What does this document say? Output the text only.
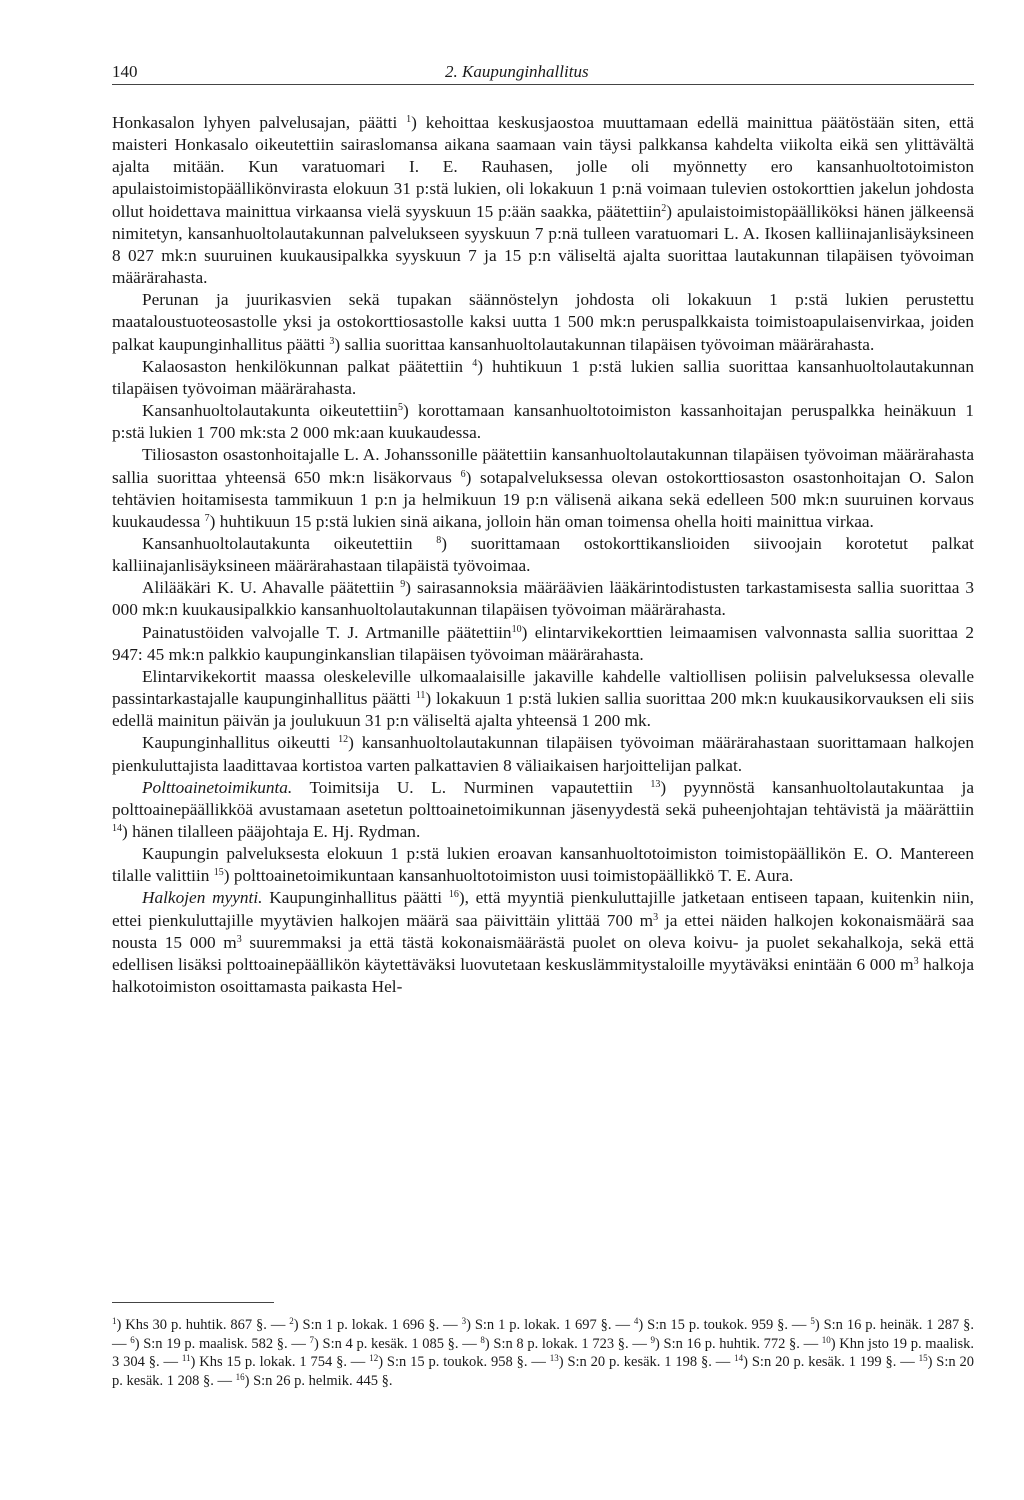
140	2. Kaupunginhallitus

Honkasalon lyhyen palvelusajan, päätti $^1$) kehoittaa keskusjaostoa muuttamaan edellä mainittua päätöstään siten, että maisteri Honkasalo oikeutettiin sairaslomansa aikana saamaan vain täysi palkkansa kahdelta viikolta eikä sen ylittävältä ajalta mitään. Kun varatuomari I. E. Rauhasen, jolle oli myönnetty ero kansanhuoltotoimiston apulaistoimistopäällikönvirasta elokuun 31 p:stä lukien, oli lokakuun 1 p:nä voimaan tulevien ostokorttien jakelun johdosta ollut hoidettava mainittua virkaansa vielä syyskuun 15 p:ään saakka, päätettiin$^2$) apulaistoimistopäälliköksi hänen jälkeensä nimitetyn, kansanhuoltolautakunnan palvelukseen syyskuun 7 p:nä tulleen varatuomari L. A. Ikosen kalliinajanlisäyksineen 8 027 mk:n suuruinen kuukausipalkka syyskuun 7 ja 15 p:n väliseltä ajalta suorittaa lautakunnan tilapäisen työvoiman määrärahasta.

Perunan ja juurikasvien sekä tupakan säännöstelyn johdosta oli lokakuun 1 p:stä lukien perustettu maataloustuoteosastolle yksi ja ostokorttiosastolle kaksi uutta 1 500 mk:n peruspalkkaista toimistoapulaisenvirkaa, joiden palkat kaupunginhallitus päätti $^3$) sallia suorittaa kansanhuoltolautakunnan tilapäisen työvoiman määrärahasta.

Kalaosaston henkilökunnan palkat päätettiin $^4$) huhtikuun 1 p:stä lukien sallia suorittaa kansanhuoltolautakunnan tilapäisen työvoiman määrärahasta.

Kansanhuoltolautakunta oikeutettiin$^5$) korottamaan kansanhuoltotoimiston kassanhoitajan peruspalkka heinäkuun 1 p:stä lukien 1 700 mk:sta 2 000 mk:aan kuukaudessa.

Tiliosaston osastonhoitajalle L. A. Johanssonille päätettiin kansanhuoltolautakunnan tilapäisen työvoiman määrärahasta sallia suorittaa yhteensä 650 mk:n lisäkorvaus $^6$) sotapalveluksessa olevan ostokorttiosaston osastonhoitajan O. Salon tehtävien hoitamisesta tammikuun 1 p:n ja helmikuun 19 p:n välisenä aikana sekä edelleen 500 mk:n suuruinen korvaus kuukaudessa $^7$) huhtikuun 15 p:stä lukien sinä aikana, jolloin hän oman toimensa ohella hoiti mainittua virkaa.

Kansanhuoltolautakunta oikeutettiin $^8$) suorittamaan ostokorttikanslioiden siivoojain korotetut palkat kalliinajanlisäyksineen määrärahastaan tilapäistä työvoimaa.

Alilääkäri K. U. Ahavalle päätettiin $^9$) sairasannoksia määräävien lääkärintodistusten tarkastamisesta sallia suorittaa 3 000 mk:n kuukausipalkkio kansanhuoltolautakunnan tilapäisen työvoiman määrärahasta.

Painatustöiden valvojalle T. J. Artmanille päätettiin$^{10}$) elintarvikekorttien leimaamisen valvonnasta sallia suorittaa 2 947: 45 mk:n palkkio kaupunginkanslian tilapäisen työvoiman määrärahasta.

Elintarvikekortit maassa oleskeleville ulkomaalaisille jakaville kahdelle valtiollisen poliisin palveluksessa olevalle passintarkastajalle kaupunginhallitus päätti $^{11}$) lokakuun 1 p:stä lukien sallia suorittaa 200 mk:n kuukausikorvauksen eli siis edellä mainitun päivän ja joulukuun 31 p:n väliseltä ajalta yhteensä 1 200 mk.

Kaupunginhallitus oikeutti $^{12}$) kansanhuoltolautakunnan tilapäisen työvoiman määrärahastaan suorittamaan halkojen pienkuluttajista laadittavaa kortistoa varten palkattavien 8 väliaikaisen harjoittelijan palkat.

Polttoainetoimikunta. Toimitsija U. L. Nurminen vapautettiin $^{13}$) pyynnöstä kansanhuoltolautakuntaa ja polttoainepäällikköä avustamaan asetetun polttoainetoimikunnan jäsenyydestä sekä puheenjohtajan tehtävistä ja määrättiin $^{14}$) hänen tilalleen pääjohtaja E. Hj. Rydman.

Kaupungin palveluksesta elokuun 1 p:stä lukien eroavan kansanhuoltotoimiston toimistopäällikön E. O. Mantereen tilalle valittiin $^{15}$) polttoainetoimikuntaan kansanhuoltotoimiston uusi toimistopäällikkö T. E. Aura.

Halkojen myynti. Kaupunginhallitus päätti $^{16}$), että myyntiä pienkuluttajille jatketaan entiseen tapaan, kuitenkin niin, ettei pienkuluttajille myytävien halkojen määrä saa päivittäin ylittää 700 $m^3$ ja ettei näiden halkojen kokonaismäärä saa nousta 15 000 $m^3$ suuremmaksi ja että tästä kokonaismäärästä puolet on oleva koivu- ja puolet sekahalkoja, sekä että edellisen lisäksi polttoainepäällikön käytettäväksi luovutetaan keskuslämmitystaloille myytäväksi enintään 6 000 $m^3$ halkoja halkotoimiston osoittamasta paikasta Hel-

$^1$) Khs 30 p. huhtik. 867 §. — $^2$) S:n 1 p. lokak. 1 696 §. — $^3$) S:n 1 p. lokak. 1 697 §. — $^4$) S:n 15 p. toukok. 959 §. — $^5$) S:n 16 p. heinäk. 1 287 §. — $^6$) S:n 19 p. maalisk. 582 §. — $^7$) S:n 4 p. kesäk. 1 085 §. — $^8$) S:n 8 p. lokak. 1 723 §. — $^9$) S:n 16 p. huhtik. 772 §. — $^{10}$) Khn jsto 19 p. maalisk. 3 304 §. — $^{11}$) Khs 15 p. lokak. 1 754 §. — $^{12}$) S:n 15 p. toukok. 958 §. — $^{13}$) S:n 20 p. kesäk. 1 198 §. — $^{14}$) S:n 20 p. kesäk. 1 199 §. — $^{15}$) S:n 20 p. kesäk. 1 208 §. — $^{16}$) S:n 26 p. helmik. 445 §.
